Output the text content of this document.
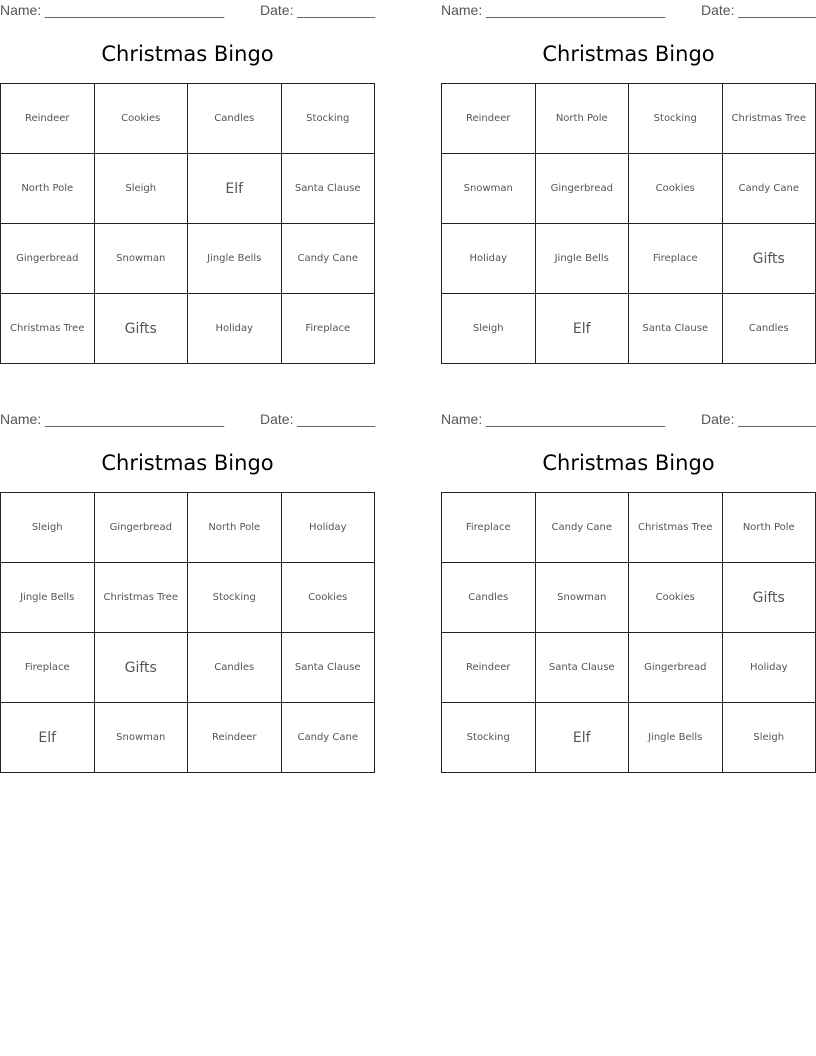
Name: _______________________	Date: __________
Christmas Bingo
Reindeer	Cookies	Candles	Stocking
North Pole	Sleigh	Elf	Santa Clause
Gingerbread	Snowman	Jingle Bells	Candy Cane
Christmas Tree	Gifts	Holiday	Fireplace
Name: _______________________	Date: __________
Christmas Bingo
Reindeer	North Pole	Stocking	Christmas Tree
Snowman	Gingerbread	Cookies	Candy Cane
Holiday	Jingle Bells	Fireplace	Gifts
Sleigh	Elf	Santa Clause	Candles
Name: _______________________	Date: __________
Christmas Bingo
Sleigh	Gingerbread	North Pole	Holiday
Jingle Bells	Christmas Tree	Stocking	Cookies
Fireplace	Gifts	Candles	Santa Clause
Elf	Snowman	Reindeer	Candy Cane
Name: _______________________	Date: __________
Christmas Bingo
Fireplace	Candy Cane	Christmas Tree	North Pole
Candles	Snowman	Cookies	Gifts
Reindeer	Santa Clause	Gingerbread	Holiday
Stocking	Elf	Jingle Bells	Sleigh
